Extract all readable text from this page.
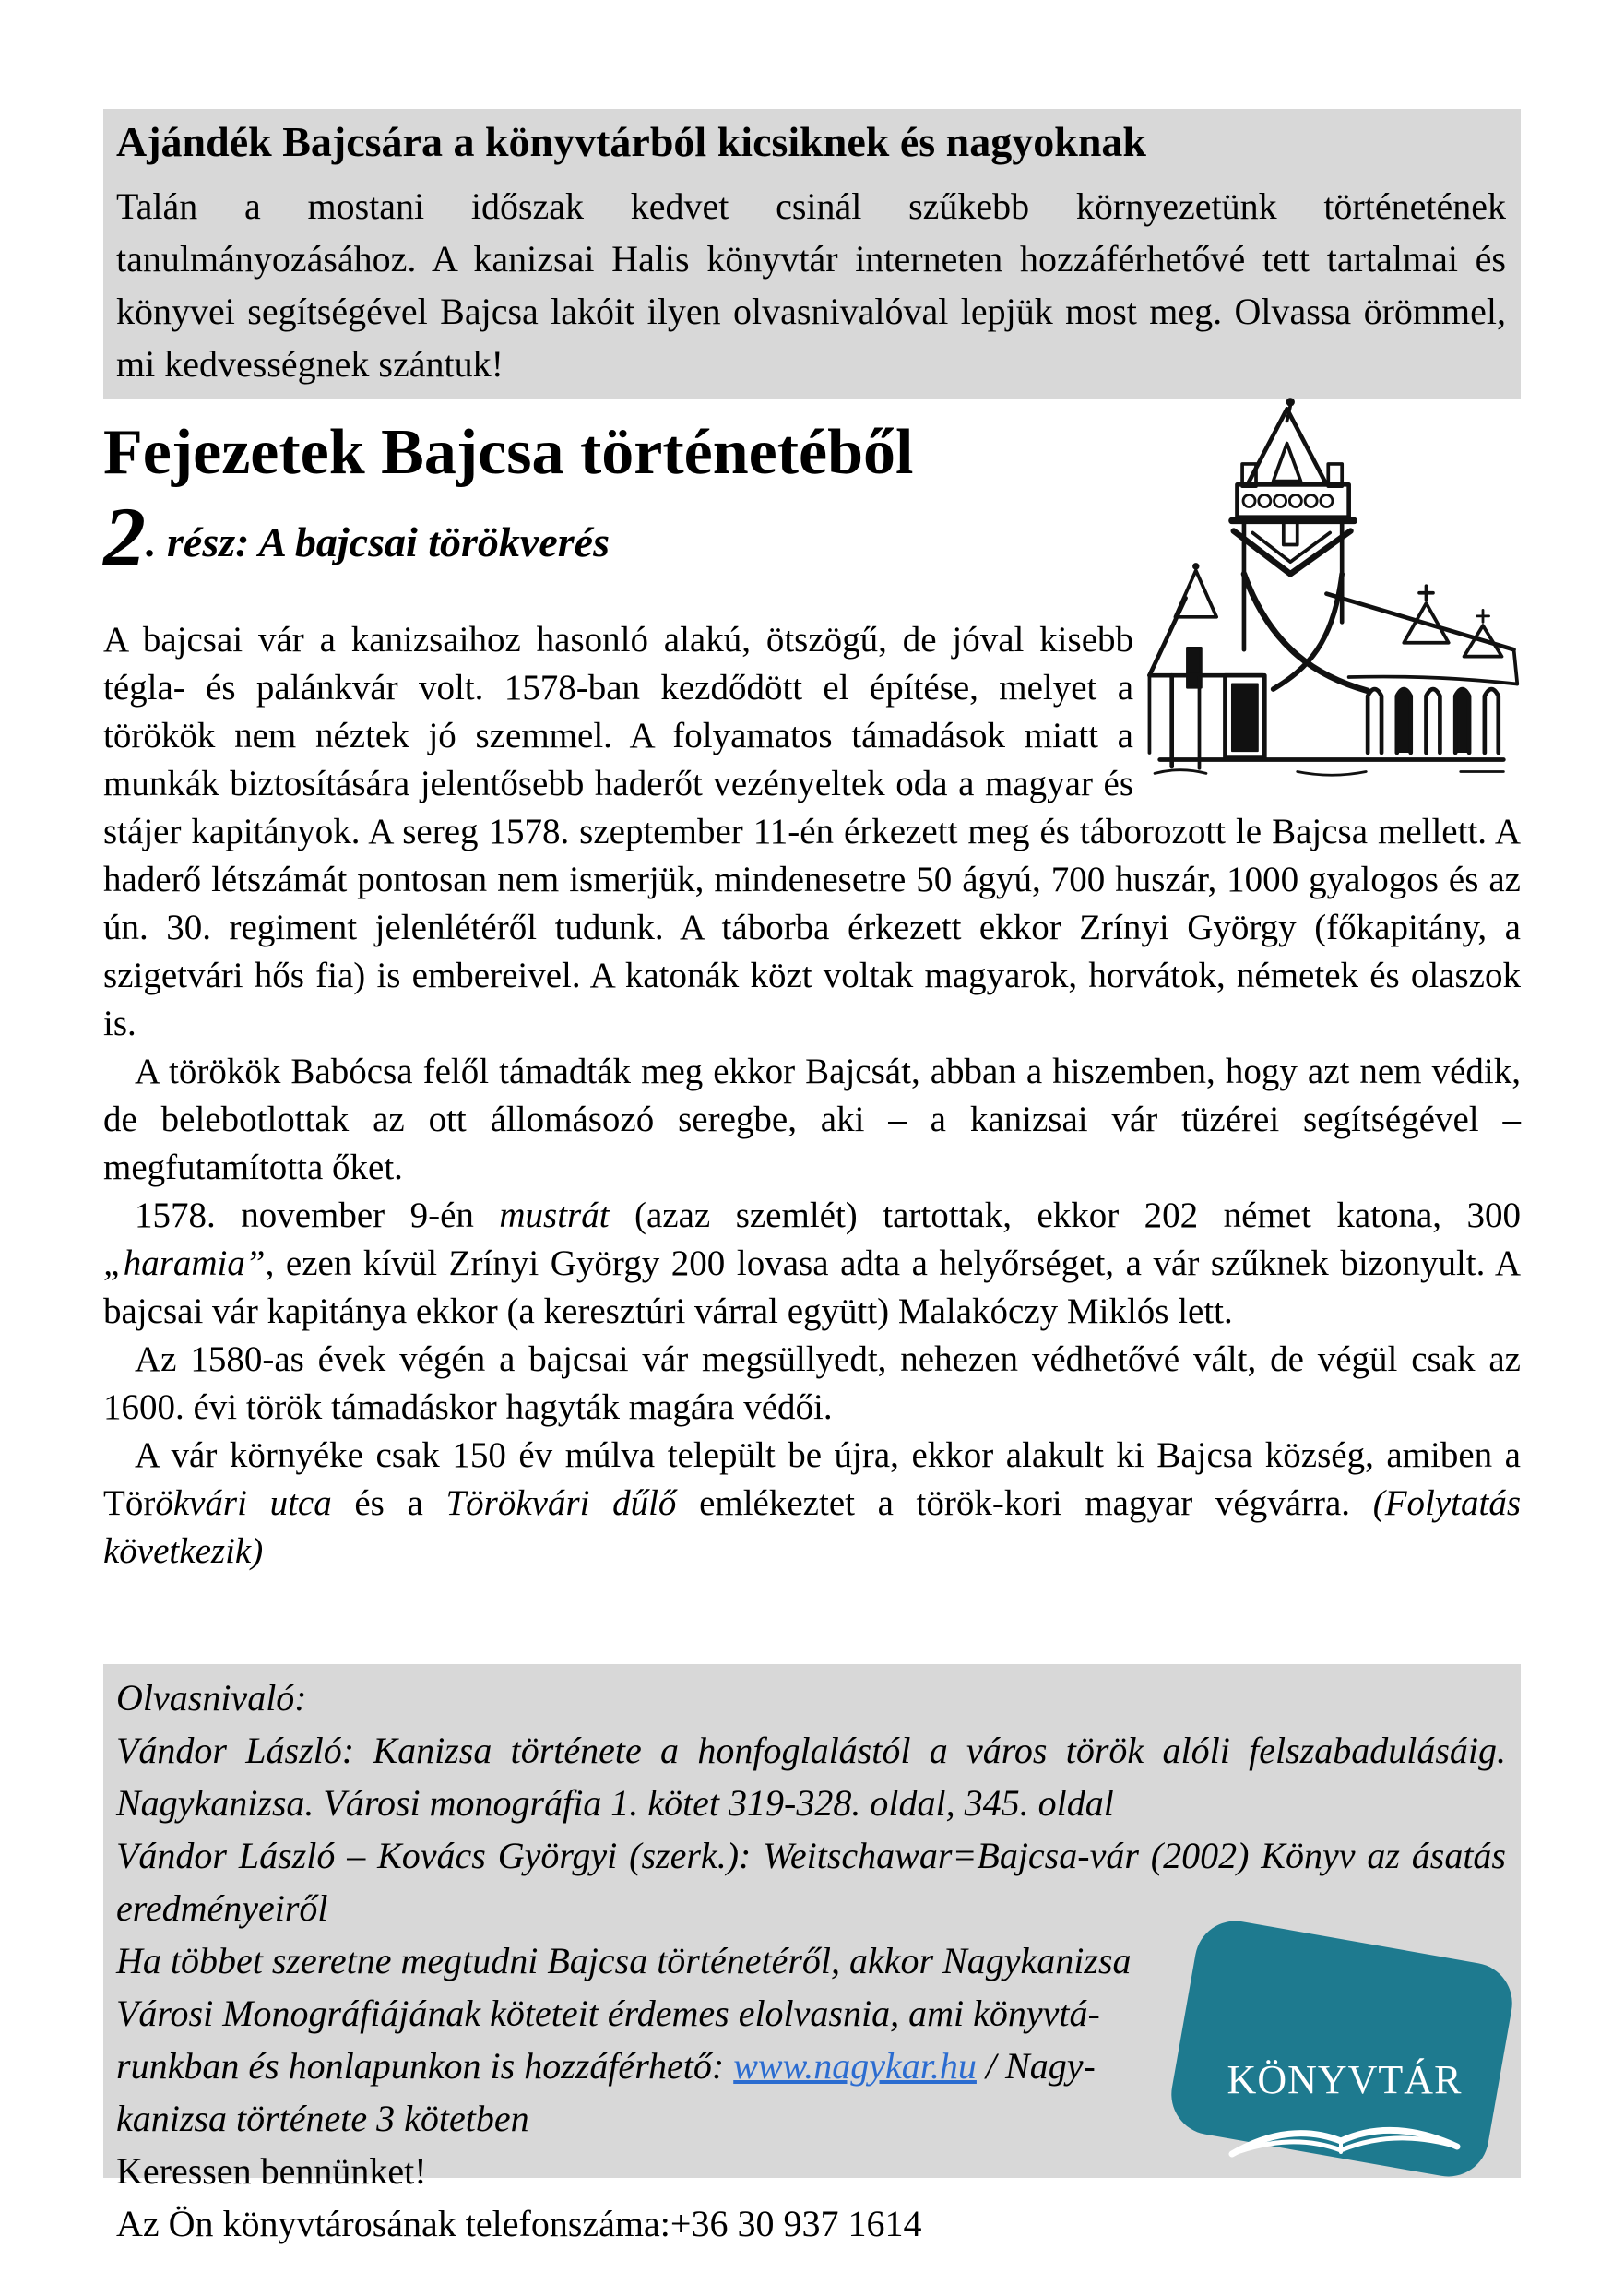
Ajándék Bajcsára a könyvtárból kicsiknek és nagyoknak

Talán a mostani időszak kedvet csinál szűkebb környezetünk történetének tanulmányozásához. A kanizsai Halis könyvtár interneten hozzáférhetővé tett tartalmai és könyvei segítségével Bajcsa lakóit ilyen olvasnivalóval lepjük most meg. Olvassa örömmel, mi kedvességnek szántuk!

Fejezetek Bajcsa történetéből
2. rész: A bajcsai törökverés

A bajcsai vár a kanizsaihoz hasonló alakú, ötszögű, de jóval kisebb tégla- és palánkvár volt. 1578-ban kezdődött el építése, melyet a törökök nem néztek jó szemmel. A folyamatos támadások miatt a munkák biztosítására jelentősebb haderőt vezényeltek oda a magyar és stájer kapitányok. A sereg 1578. szeptember 11-én érkezett meg és táborozott le Bajcsa mellett. A haderő létszámát pontosan nem ismerjük, mindenesetre 50 ágyú, 700 huszár, 1000 gyalogos és az ún. 30. regiment jelenlétéről tudunk. A táborba érkezett ekkor Zrínyi György (főkapitány, a szigetvári hős fia) is embereivel. A katonák közt voltak magyarok, horvátok, németek és olaszok is.

A törökök Babócsa felől támadták meg ekkor Bajcsát, abban a hiszemben, hogy azt nem védik, de belebotlottak az ott állomásozó seregbe, aki – a kanizsai vár tüzérei segítségével – megfutamította őket.

1578. november 9-én mustrát (azaz szemlét) tartottak, ekkor 202 német katona, 300 „haramia”, ezen kívül Zrínyi György 200 lovasa adta a helyőrséget, a vár szűknek bizonyult. A bajcsai vár kapitánya ekkor (a keresztúri várral együtt) Malakóczy Miklós lett.

Az 1580-as évek végén a bajcsai vár megsüllyedt, nehezen védhetővé vált, de végül csak az 1600. évi török támadáskor hagyták magára védői.

A vár környéke csak 150 év múlva települt be újra, ekkor alakult ki Bajcsa község, amiben a Törökvári utca és a Törökvári dűlő emlékeztet a török-kori magyar végvárra. (Folytatás következik)

Olvasnivaló:
Vándor László: Kanizsa története a honfoglalástól a város török alóli felszabadulásáig. Nagykanizsa. Városi monográfia 1. kötet 319-328. oldal, 345. oldal
Vándor László – Kovács Györgyi (szerk.): Weitschawar=Bajcsa-vár (2002) Könyv az ásatás eredményeiről
Ha többet szeretne megtudni Bajcsa történetéről, akkor Nagykanizsa
Városi Monográfiájának köteteit érdemes elolvasnia, ami könyvtá-
runkban és honlapunkon is hozzáférhető: www.nagykar.hu / Nagy-
kanizsa története 3 kötetben
Keressen bennünket!
Az Ön könyvtárosának telefonszáma:+36 30 937 1614
KÖNYVTÁR
